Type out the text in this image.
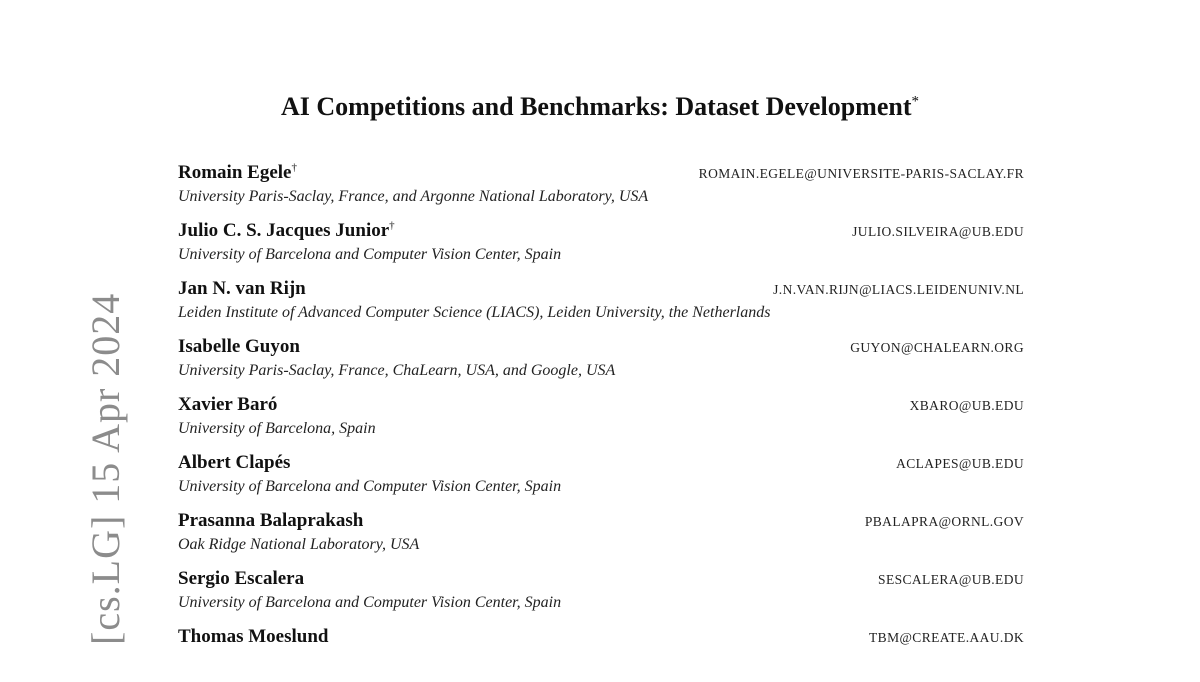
[cs.LG] 15 Apr 2024
AI Competitions and Benchmarks: Dataset Development*
Romain Egele†	ROMAIN.EGELE@UNIVERSITE-PARIS-SACLAY.FR
University Paris-Saclay, France, and Argonne National Laboratory, USA
Julio C. S. Jacques Junior†	JULIO.SILVEIRA@UB.EDU
University of Barcelona and Computer Vision Center, Spain
Jan N. van Rijn	J.N.VAN.RIJN@LIACS.LEIDENUNIV.NL
Leiden Institute of Advanced Computer Science (LIACS), Leiden University, the Netherlands
Isabelle Guyon	GUYON@CHALEARN.ORG
University Paris-Saclay, France, ChaLearn, USA, and Google, USA
Xavier Baró	XBARO@UB.EDU
University of Barcelona, Spain
Albert Clapés	ACLAPES@UB.EDU
University of Barcelona and Computer Vision Center, Spain
Prasanna Balaprakash	PBALAPRA@ORNL.GOV
Oak Ridge National Laboratory, USA
Sergio Escalera	SESCALERA@UB.EDU
University of Barcelona and Computer Vision Center, Spain
Thomas Moeslund	TBM@CREATE.AAU.DK
